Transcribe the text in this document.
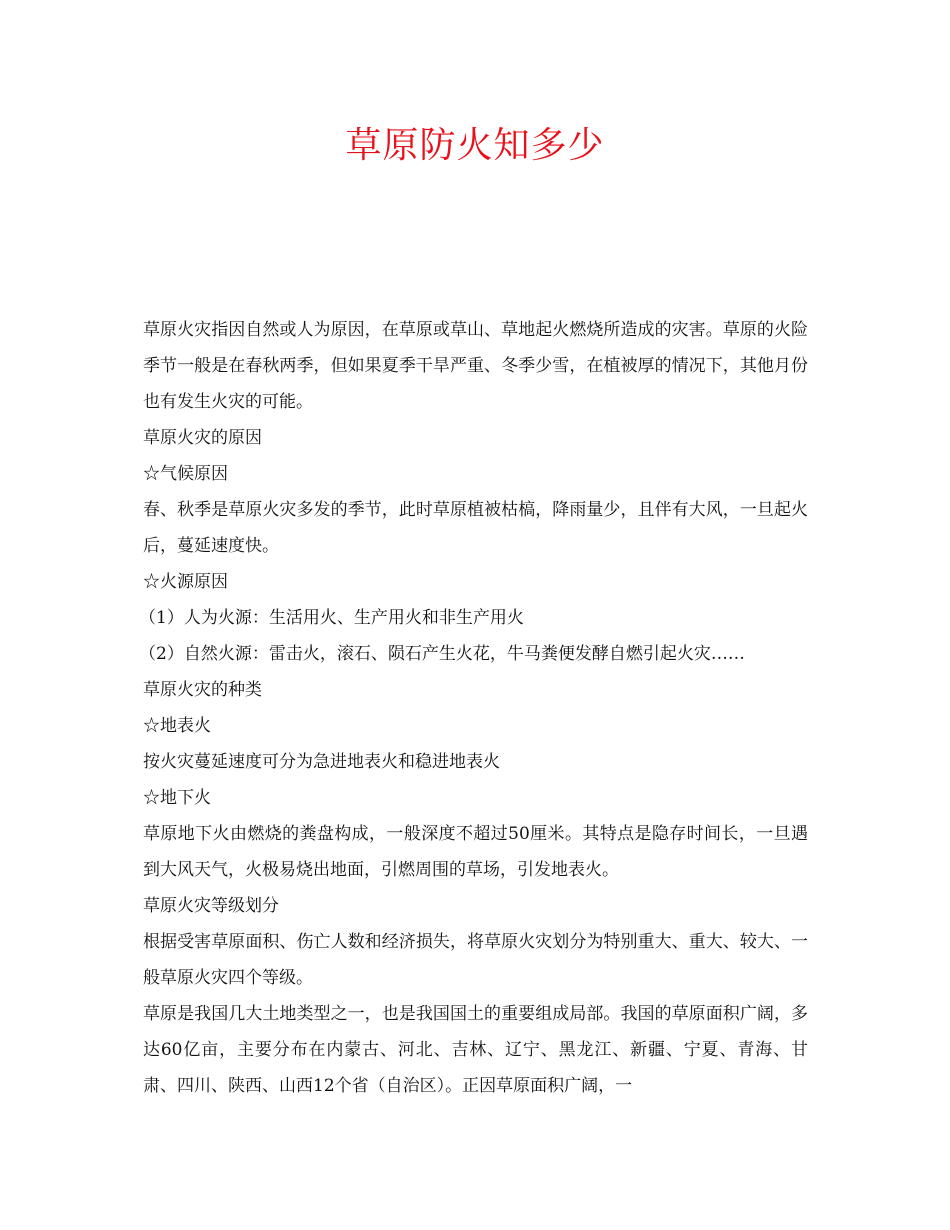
草原防火知多少

草原火灾指因自然或人为原因，在草原或草山、草地起火燃烧所造成的灾害。草原的火险季节一般是在春秋两季，但如果夏季干旱严重、冬季少雪，在植被厚的情况下，其他月份也有发生火灾的可能。

草原火灾的原因

☆气候原因

春、秋季是草原火灾多发的季节，此时草原植被枯槁，降雨量少，且伴有大风，一旦起火后，蔓延速度快。

☆火源原因

（1）人为火源：生活用火、生产用火和非生产用火

（2）自然火源：雷击火，滚石、陨石产生火花，牛马粪便发酵自燃引起火灾……

草原火灾的种类

☆地表火

按火灾蔓延速度可分为急进地表火和稳进地表火

☆地下火

草原地下火由燃烧的粪盘构成，一般深度不超过50厘米。其特点是隐存时间长，一旦遇到大风天气，火极易烧出地面，引燃周围的草场，引发地表火。

草原火灾等级划分

根据受害草原面积、伤亡人数和经济损失，将草原火灾划分为特别重大、重大、较大、一般草原火灾四个等级。

草原是我国几大土地类型之一，也是我国国土的重要组成局部。我国的草原面积广阔，多达60亿亩，主要分布在内蒙古、河北、吉林、辽宁、黑龙江、新疆、宁夏、青海、甘肃、四川、陕西、山西12个省（自治区）。正因草原面积广阔，一
